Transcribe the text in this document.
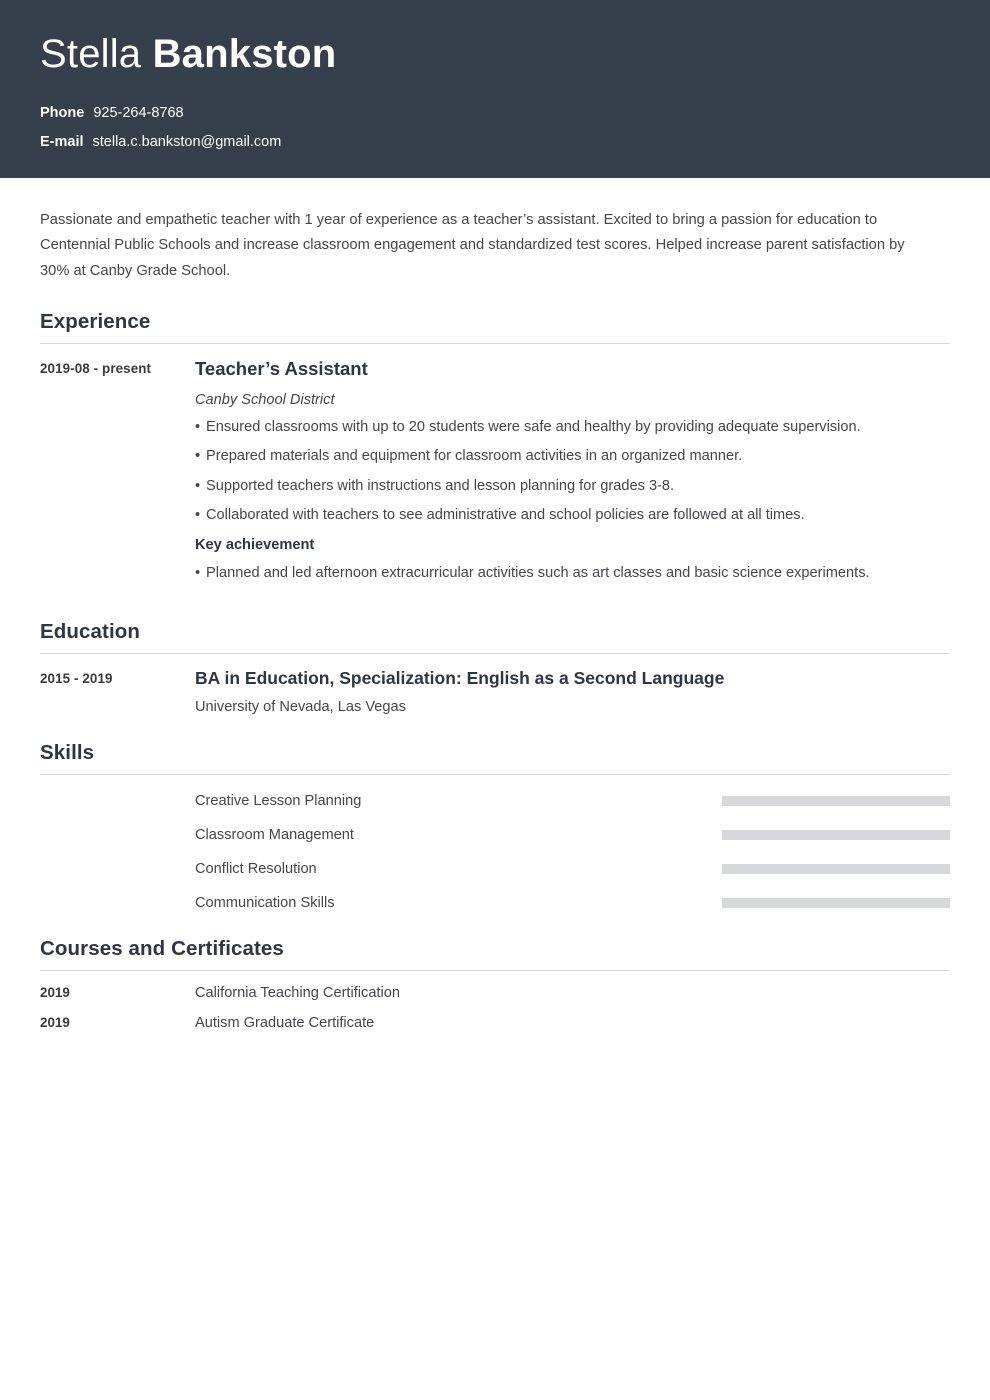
Stella Bankston
Phone 925-264-8768
E-mail stella.c.bankston@gmail.com

Passionate and empathetic teacher with 1 year of experience as a teacher’s assistant. Excited to bring a passion for education to Centennial Public Schools and increase classroom engagement and standardized test scores. Helped increase parent satisfaction by 30% at Canby Grade School.

Experience
2019-08 - present	Teacher’s Assistant

Canby School District

• Ensured classrooms with up to 20 students were safe and healthy by providing adequate supervision.
• Prepared materials and equipment for classroom activities in an organized manner.
• Supported teachers with instructions and lesson planning for grades 3-8.
• Collaborated with teachers to see administrative and school policies are followed at all times.

Key achievement

• Planned and led afternoon extracurricular activities such as art classes and basic science experiments.
Education
2015 - 2019	BA in Education, Specialization: English as a Second Language

University of Nevada, Las Vegas

Skills
Creative Lesson Planning
Classroom Management
Conflict Resolution
Communication Skills
Courses and Certificates
2019	California Teaching Certification
2019	Autism Graduate Certificate
